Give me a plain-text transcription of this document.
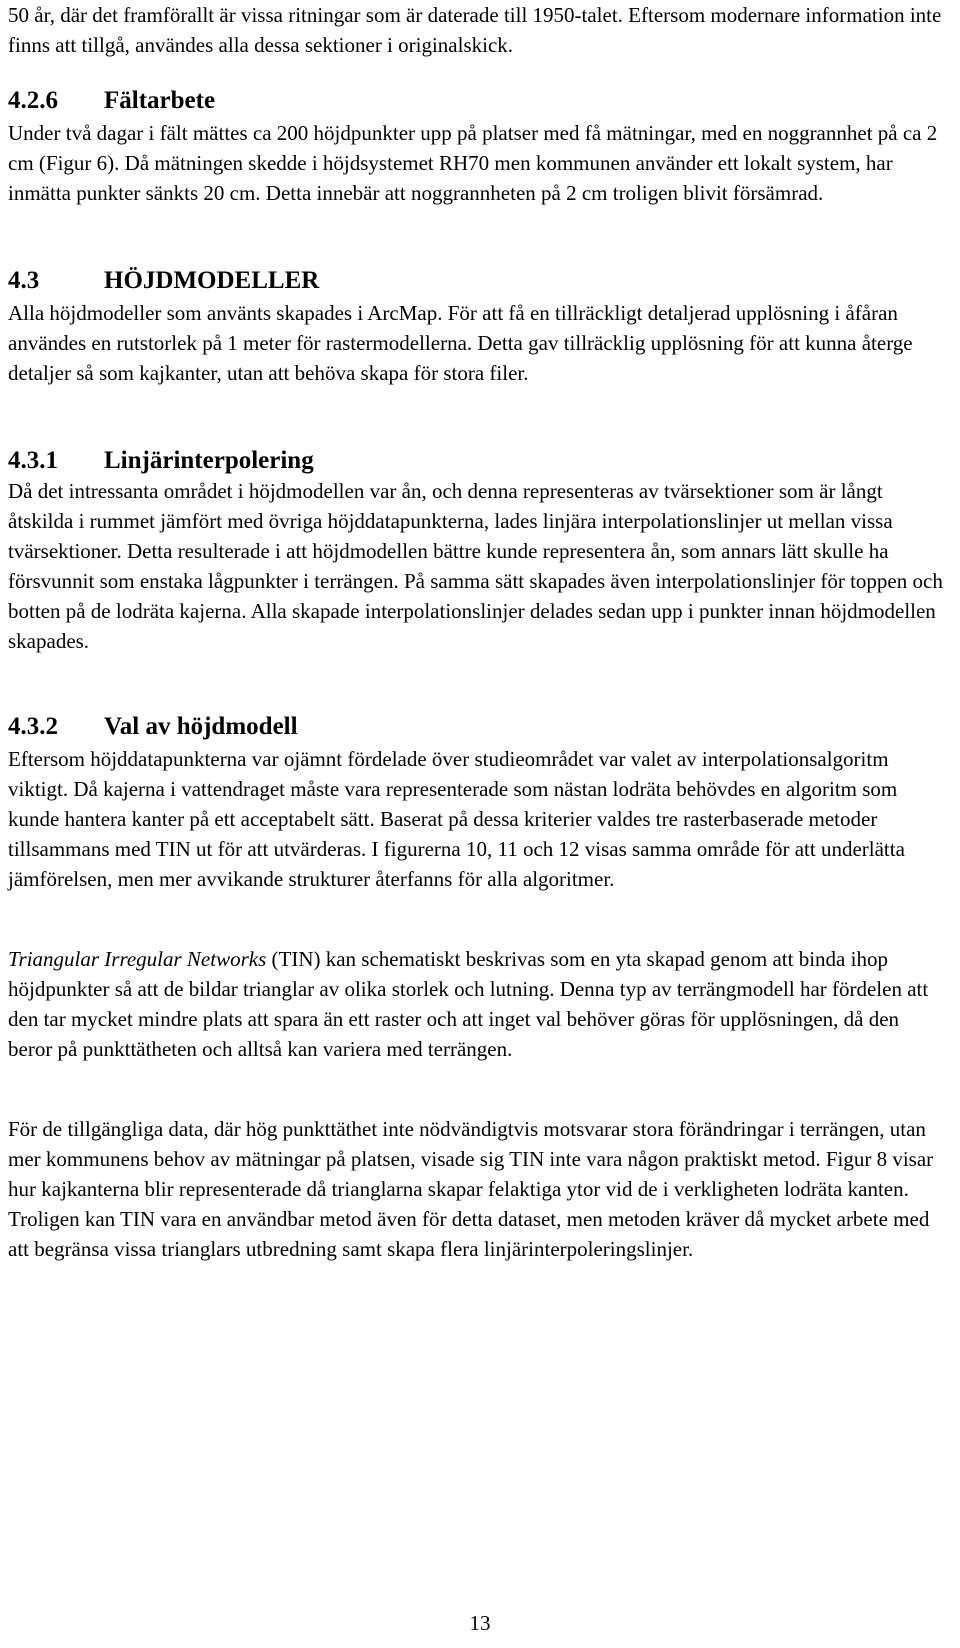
50 år, där det framförallt är vissa ritningar som är daterade till 1950-talet. Eftersom modernare information inte finns att tillgå, användes alla dessa sektioner i originalskick.

4.2.6 Fältarbete

Under två dagar i fält mättes ca 200 höjdpunkter upp på platser med få mätningar, med en noggrannhet på ca 2 cm (Figur 6). Då mätningen skedde i höjdsystemet RH70 men kommunen använder ett lokalt system, har inmätta punkter sänkts 20 cm. Detta innebär att noggrannheten på 2 cm troligen blivit försämrad.

4.3	HÖJDMODELLER

Alla höjdmodeller som använts skapades i ArcMap. För att få en tillräckligt detaljerad upplösning i åfåran användes en rutstorlek på 1 meter för rastermodellerna. Detta gav tillräcklig upplösning för att kunna återge detaljer så som kajkanter, utan att behöva skapa för stora filer.

4.3.1 Linjärinterpolering

Då det intressanta området i höjdmodellen var ån, och denna representeras av tvärsektioner som är långt åtskilda i rummet jämfört med övriga höjddatapunkterna, lades linjära interpolationslinjer ut mellan vissa tvärsektioner. Detta resulterade i att höjdmodellen bättre kunde representera ån, som annars lätt skulle ha försvunnit som enstaka lågpunkter i terrängen. På samma sätt skapades även interpolationslinjer för toppen och botten på de lodräta kajerna. Alla skapade interpolationslinjer delades sedan upp i punkter innan höjdmodellen skapades.

4.3.2 Val av höjdmodell

Eftersom höjddatapunkterna var ojämnt fördelade över studieområdet var valet av interpolationsalgoritm viktigt. Då kajerna i vattendraget måste vara representerade som nästan lodräta behövdes en algoritm som kunde hantera kanter på ett acceptabelt sätt. Baserat på dessa kriterier valdes tre rasterbaserade metoder tillsammans med TIN ut för att utvärderas. I figurerna 10, 11 och 12 visas samma område för att underlätta jämförelsen, men mer avvikande strukturer återfanns för alla algoritmer.

Triangular Irregular Networks (TIN) kan schematiskt beskrivas som en yta skapad genom att binda ihop höjdpunkter så att de bildar trianglar av olika storlek och lutning. Denna typ av terrängmodell har fördelen att den tar mycket mindre plats att spara än ett raster och att inget val behöver göras för upplösningen, då den beror på punkttätheten och alltså kan variera med terrängen.

För de tillgängliga data, där hög punkttäthet inte nödvändigtvis motsvarar stora förändringar i terrängen, utan mer kommunens behov av mätningar på platsen, visade sig TIN inte vara någon praktiskt metod. Figur 8 visar hur kajkanterna blir representerade då trianglarna skapar felaktiga ytor vid de i verkligheten lodräta kanten. Troligen kan TIN vara en användbar metod även för detta dataset, men metoden kräver då mycket arbete med att begränsa vissa trianglars utbredning samt skapa flera linjärinterpoleringslinjer.

13
